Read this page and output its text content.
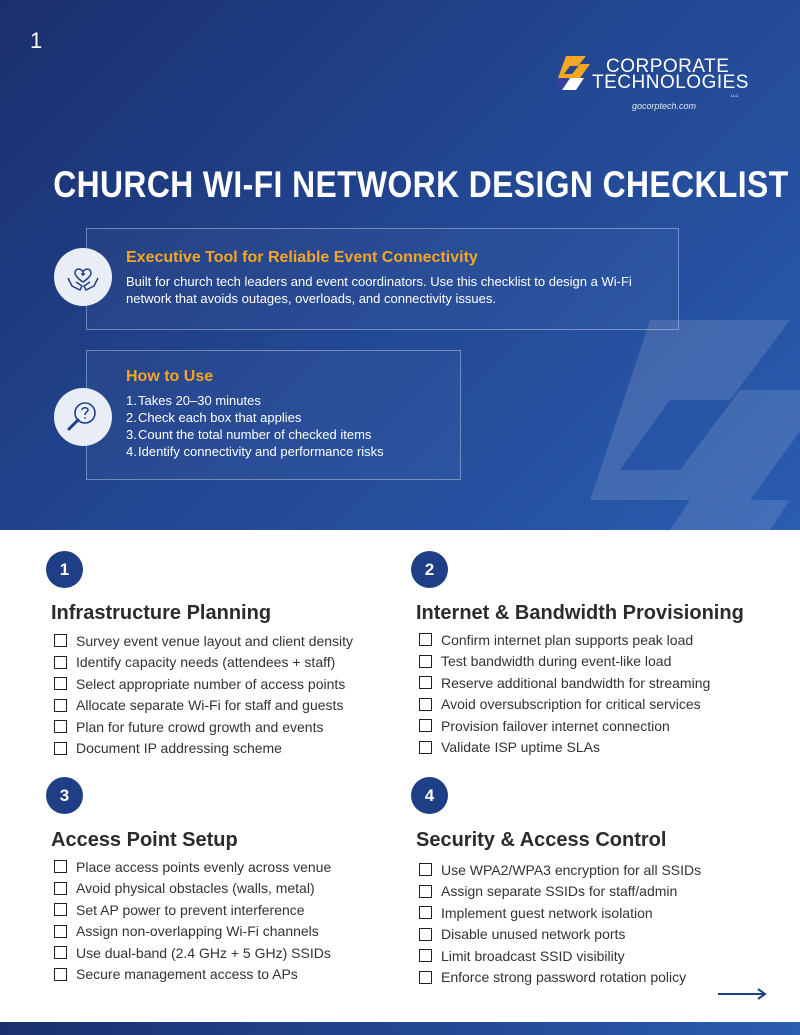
1
CORPORATE
TECHNOLOGIES
LLC
gocorptech.com
CHURCH WI-FI NETWORK DESIGN CHECKLIST
Executive Tool for Reliable Event Connectivity
Built for church tech leaders and event coordinators. Use this checklist to design a Wi-Fi network that avoids outages, overloads, and connectivity issues.
How to Use
1.Takes 20–30 minutes
2.Check each box that applies
3.Count the total number of checked items
4.Identify connectivity and performance risks
1
Infrastructure Planning
Survey event venue layout and client density
Identify capacity needs (attendees + staff)
Select appropriate number of access points
Allocate separate Wi-Fi for staff and guests
Plan for future crowd growth and events
Document IP addressing scheme
2
Internet & Bandwidth Provisioning
Confirm internet plan supports peak load
Test bandwidth during event-like load
Reserve additional bandwidth for streaming
Avoid oversubscription for critical services
Provision failover internet connection
Validate ISP uptime SLAs
3
Access Point Setup
Place access points evenly across venue
Avoid physical obstacles (walls, metal)
Set AP power to prevent interference
Assign non-overlapping Wi-Fi channels
Use dual-band (2.4 GHz + 5 GHz) SSIDs
Secure management access to APs
4
Security & Access Control
Use WPA2/WPA3 encryption for all SSIDs
Assign separate SSIDs for staff/admin
Implement guest network isolation
Disable unused network ports
Limit broadcast SSID visibility
Enforce strong password rotation policy
